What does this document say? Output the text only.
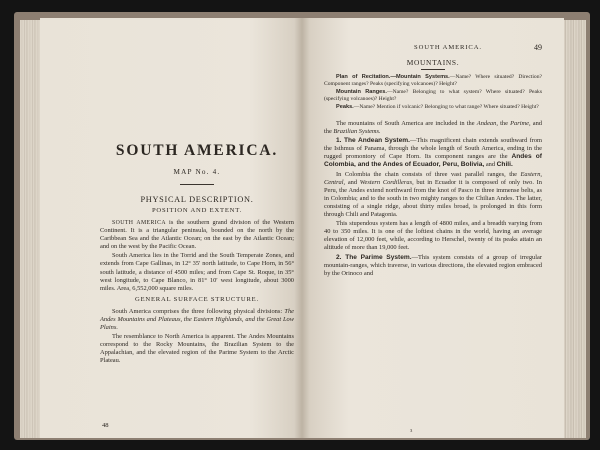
SOUTH AMERICA.
MAP No. 4.
PHYSICAL DESCRIPTION.
POSITION AND EXTENT.

SOUTH AMERICA is the southern grand division of the Western Continent. It is a triangular peninsula, bounded on the north by the Caribbean Sea and the Atlantic Ocean; on the east by the Atlantic Ocean; and on the west by the Pacific Ocean.

South America lies in the Torrid and the South Temperate Zones, and extends from Cape Gallinas, in 12° 35′ north latitude, to Cape Horn, in 56° south latitude, a distance of 4500 miles; and from Cape St. Roque, in 35° west longitude, to Cape Blanco, in 81° 10′ west longitude, about 3000 miles. Area, 6,552,000 square miles.

GENERAL SURFACE STRUCTURE.

South America comprises the three following physical divisions: The Andes Mountains and Plateaus, the Eastern Highlands, and the Great Low Plains.

The resemblance to North America is apparent. The Andes Mountains correspond to the Rocky Mountains, the Brazilian System to the Appalachian, and the elevated region of the Parime System to the Arctic Plateau.

48
SOUTH AMERICA.	49
MOUNTAINS.

Plan of Recitation.—Mountain Systems.—Name? Where situated? Direction? Component ranges? Peaks (specifying volcanoes)? Height?

Mountain Ranges.—Name? Belonging to what system? Where situated? Peaks (specifying volcanoes)? Height?

Peaks.—Name? Mention if volcanic? Belonging to what range? Where situated? Height?

The mountains of South America are included in the Andean, the Parime, and the Brazilian Systems.

1. The Andean System.—This magnificent chain extends southward from the Isthmus of Panama, through the whole length of South America, ending in the rugged promontory of Cape Horn. Its component ranges are the Andes of Colombia, and the Andes of Ecuador, Peru, Bolivia, and Chili.

In Colombia the chain consists of three vast parallel ranges, the Eastern, Central, and Western Cordilleras, but in Ecuador it is composed of only two. In Peru, the Andes extend northward from the knot of Pasco in three immense belts, as in Colombia; and to the south in two mighty ranges to the Chilian Andes. The latter, consisting of a single ridge, about thirty miles broad, is prolonged in this form through Chili and Patagonia.

This stupendous system has a length of 4800 miles, and a breadth varying from 40 to 350 miles. It is one of the loftiest chains in the world, having an average elevation of 12,000 feet, while, according to Herschel, twenty of its peaks attain an altitude of more than 19,000 feet.

2. The Parime System.—This system consists of a group of irregular mountain-ranges, which traverse, in various directions, the elevated region embraced by the Orinoco and

3
